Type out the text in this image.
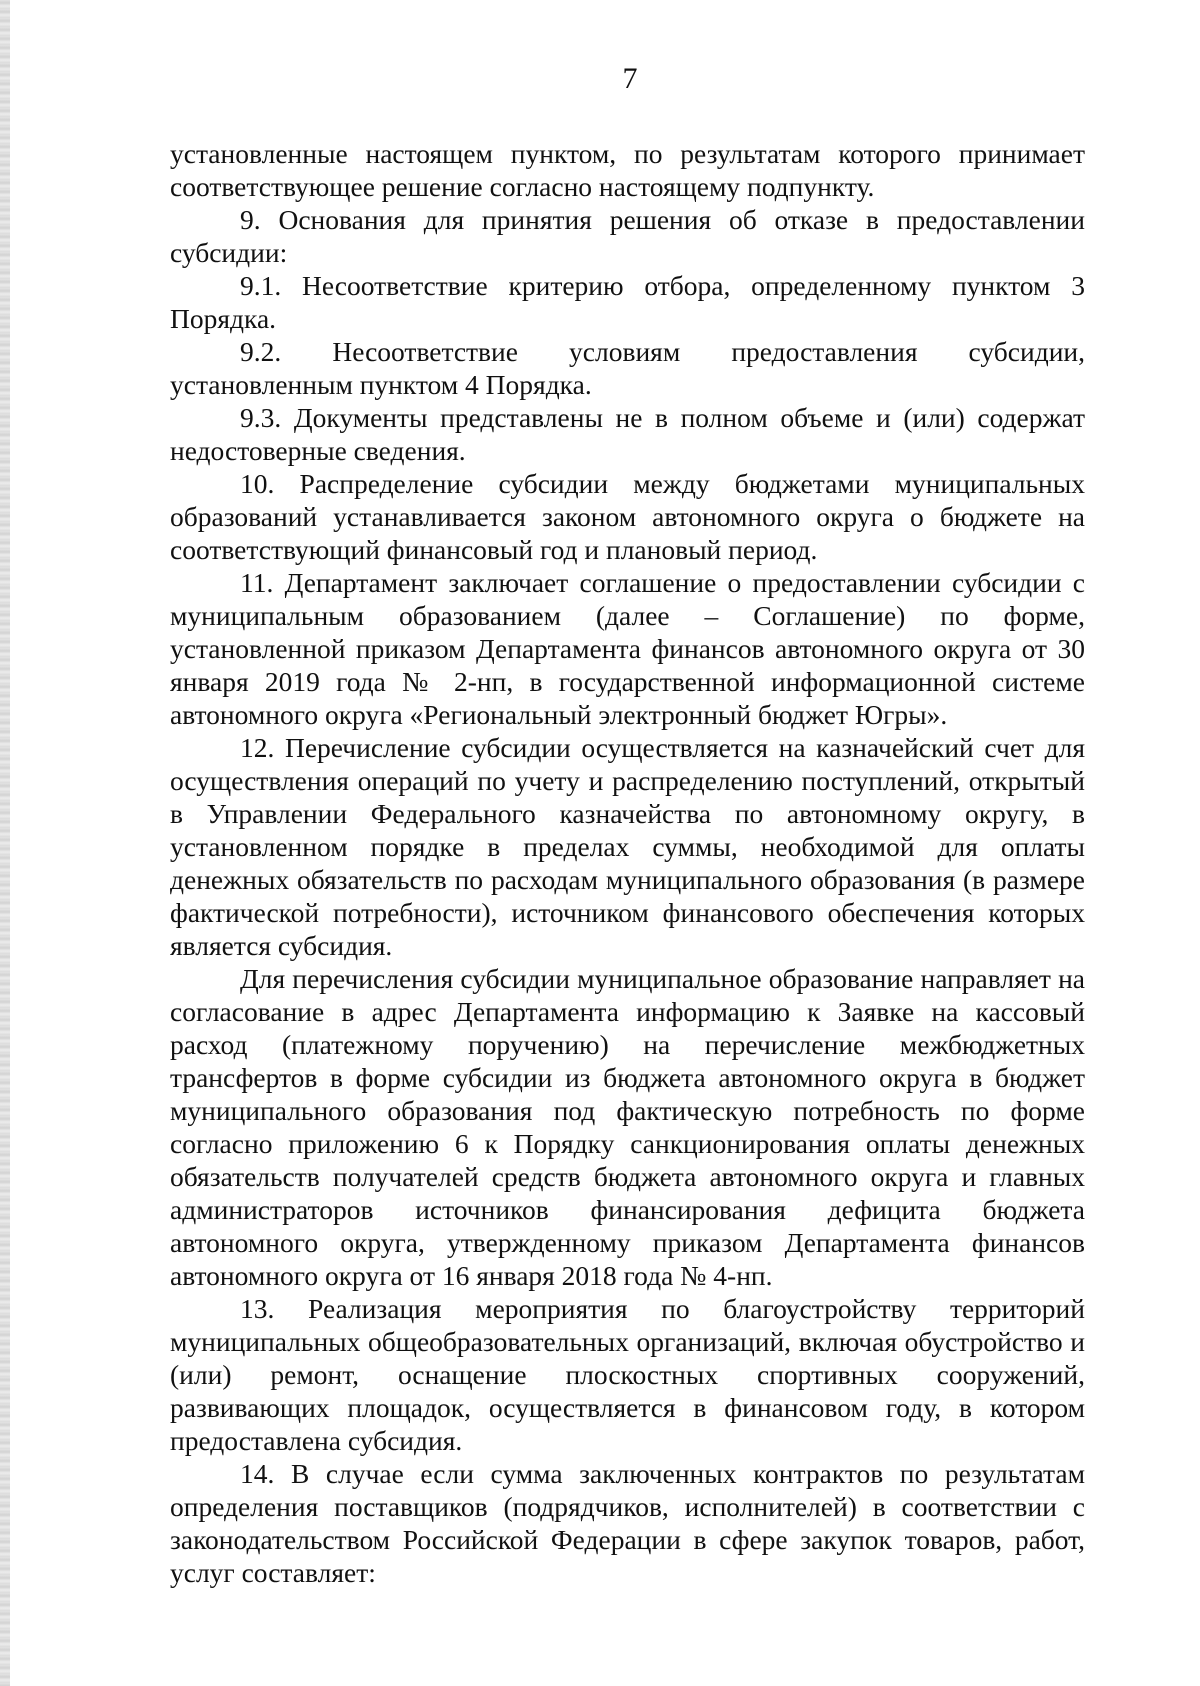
7

установленные настоящем пунктом, по результатам которого принимает соответствующее решение согласно настоящему подпункту.

9. Основания для принятия решения об отказе в предоставлении субсидии:

9.1. Несоответствие критерию отбора, определенному пунктом 3 Порядка.

9.2. Несоответствие условиям предоставления субсидии, установленным пунктом 4 Порядка.

9.3. Документы представлены не в полном объеме и (или) содержат недостоверные сведения.

10. Распределение субсидии между бюджетами муниципальных образований устанавливается законом автономного округа о бюджете на соответствующий финансовый год и плановый период.

11. Департамент заключает соглашение о предоставлении субсидии с муниципальным образованием (далее – Соглашение) по форме, установленной приказом Департамента финансов автономного округа от 30 января 2019 года № 2-нп, в государственной информационной системе автономного округа «Региональный электронный бюджет Югры».

12. Перечисление субсидии осуществляется на казначейский счет для осуществления операций по учету и распределению поступлений, открытый в Управлении Федерального казначейства по автономному округу, в установленном порядке в пределах суммы, необходимой для оплаты денежных обязательств по расходам муниципального образования (в размере фактической потребности), источником финансового обеспечения которых является субсидия.

Для перечисления субсидии муниципальное образование направляет на согласование в адрес Департамента информацию к Заявке на кассовый расход (платежному поручению) на перечисление межбюджетных трансфертов в форме субсидии из бюджета автономного округа в бюджет муниципального образования под фактическую потребность по форме согласно приложению 6 к Порядку санкционирования оплаты денежных обязательств получателей средств бюджета автономного округа и главных администраторов источников финансирования дефицита бюджета автономного округа, утвержденному приказом Департамента финансов автономного округа от 16 января 2018 года № 4-нп.

13. Реализация мероприятия по благоустройству территорий муниципальных общеобразовательных организаций, включая обустройство и (или) ремонт, оснащение плоскостных спортивных сооружений, развивающих площадок, осуществляется в финансовом году, в котором предоставлена субсидия.

14. В случае если сумма заключенных контрактов по результатам определения поставщиков (подрядчиков, исполнителей) в соответствии с законодательством Российской Федерации в сфере закупок товаров, работ, услуг составляет:
